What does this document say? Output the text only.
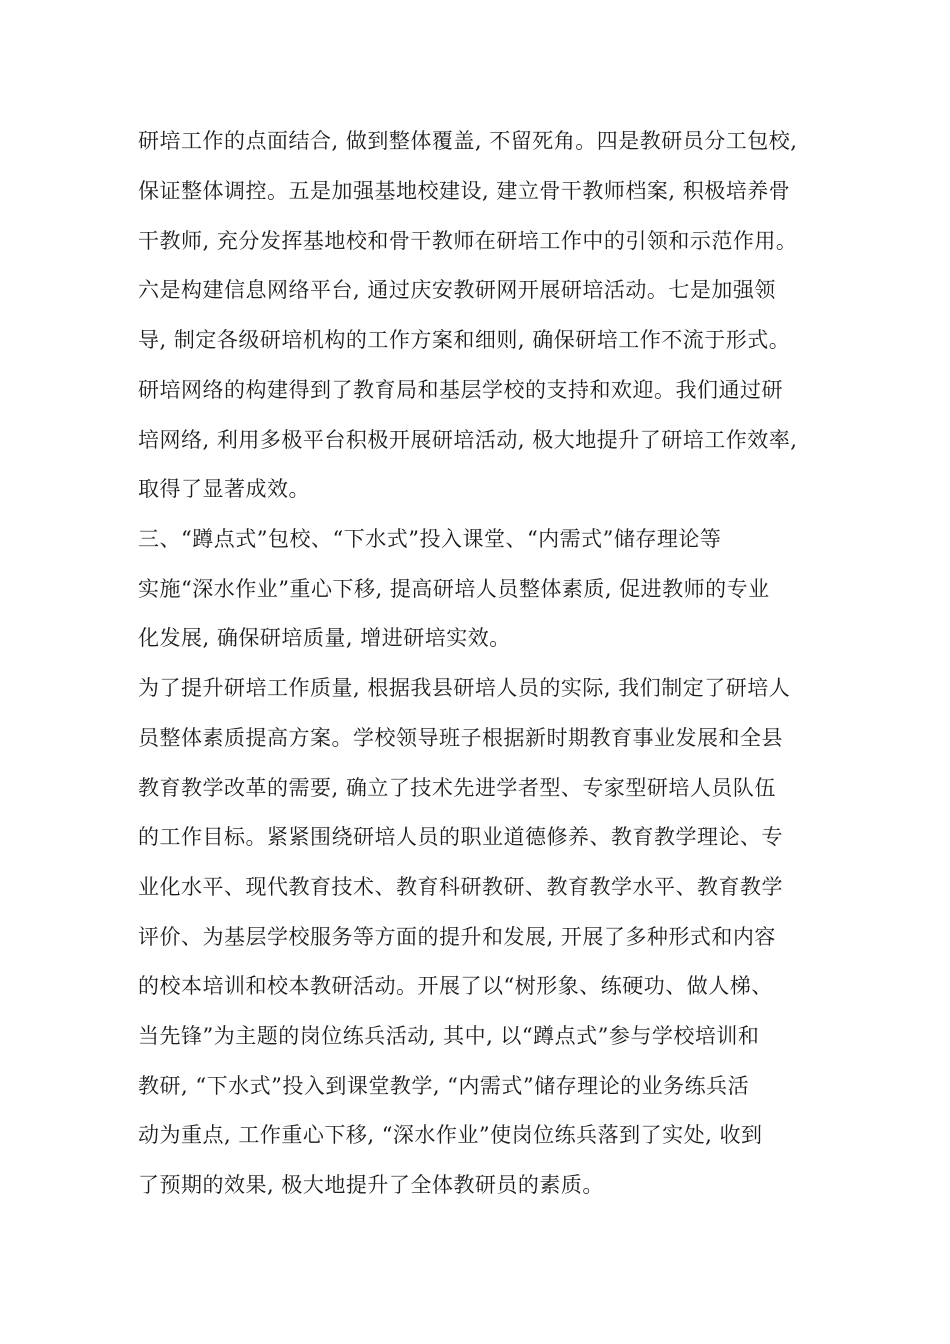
研培工作的点面结合, 做到整体覆盖, 不留死角。四是教研员分工包校,
保证整体调控。五是加强基地校建设, 建立骨干教师档案, 积极培养骨
干教师, 充分发挥基地校和骨干教师在研培工作中的引领和示范作用。
六是构建信息网络平台, 通过庆安教研网开展研培活动。七是加强领
导, 制定各级研培机构的工作方案和细则, 确保研培工作不流于形式。
研培网络的构建得到了教育局和基层学校的支持和欢迎。我们通过研
培网络, 利用多极平台积极开展研培活动, 极大地提升了研培工作效率,
取得了显著成效。
三、“蹲点式”包校、“下水式”投入课堂、“内需式”储存理论等
实施“深水作业”重心下移, 提高研培人员整体素质, 促进教师的专业
化发展, 确保研培质量, 增进研培实效。
为了提升研培工作质量, 根据我县研培人员的实际, 我们制定了研培人
员整体素质提高方案。学校领导班子根据新时期教育事业发展和全县
教育教学改革的需要, 确立了技术先进学者型、专家型研培人员队伍
的工作目标。紧紧围绕研培人员的职业道德修养、教育教学理论、专
业化水平、现代教育技术、教育科研教研、教育教学水平、教育教学
评价、为基层学校服务等方面的提升和发展, 开展了多种形式和内容
的校本培训和校本教研活动。开展了以“树形象、练硬功、做人梯、
当先锋”为主题的岗位练兵活动, 其中, 以“蹲点式”参与学校培训和
教研, “下水式”投入到课堂教学, “内需式”储存理论的业务练兵活
动为重点, 工作重心下移, “深水作业”使岗位练兵落到了实处, 收到
了预期的效果, 极大地提升了全体教研员的素质。
